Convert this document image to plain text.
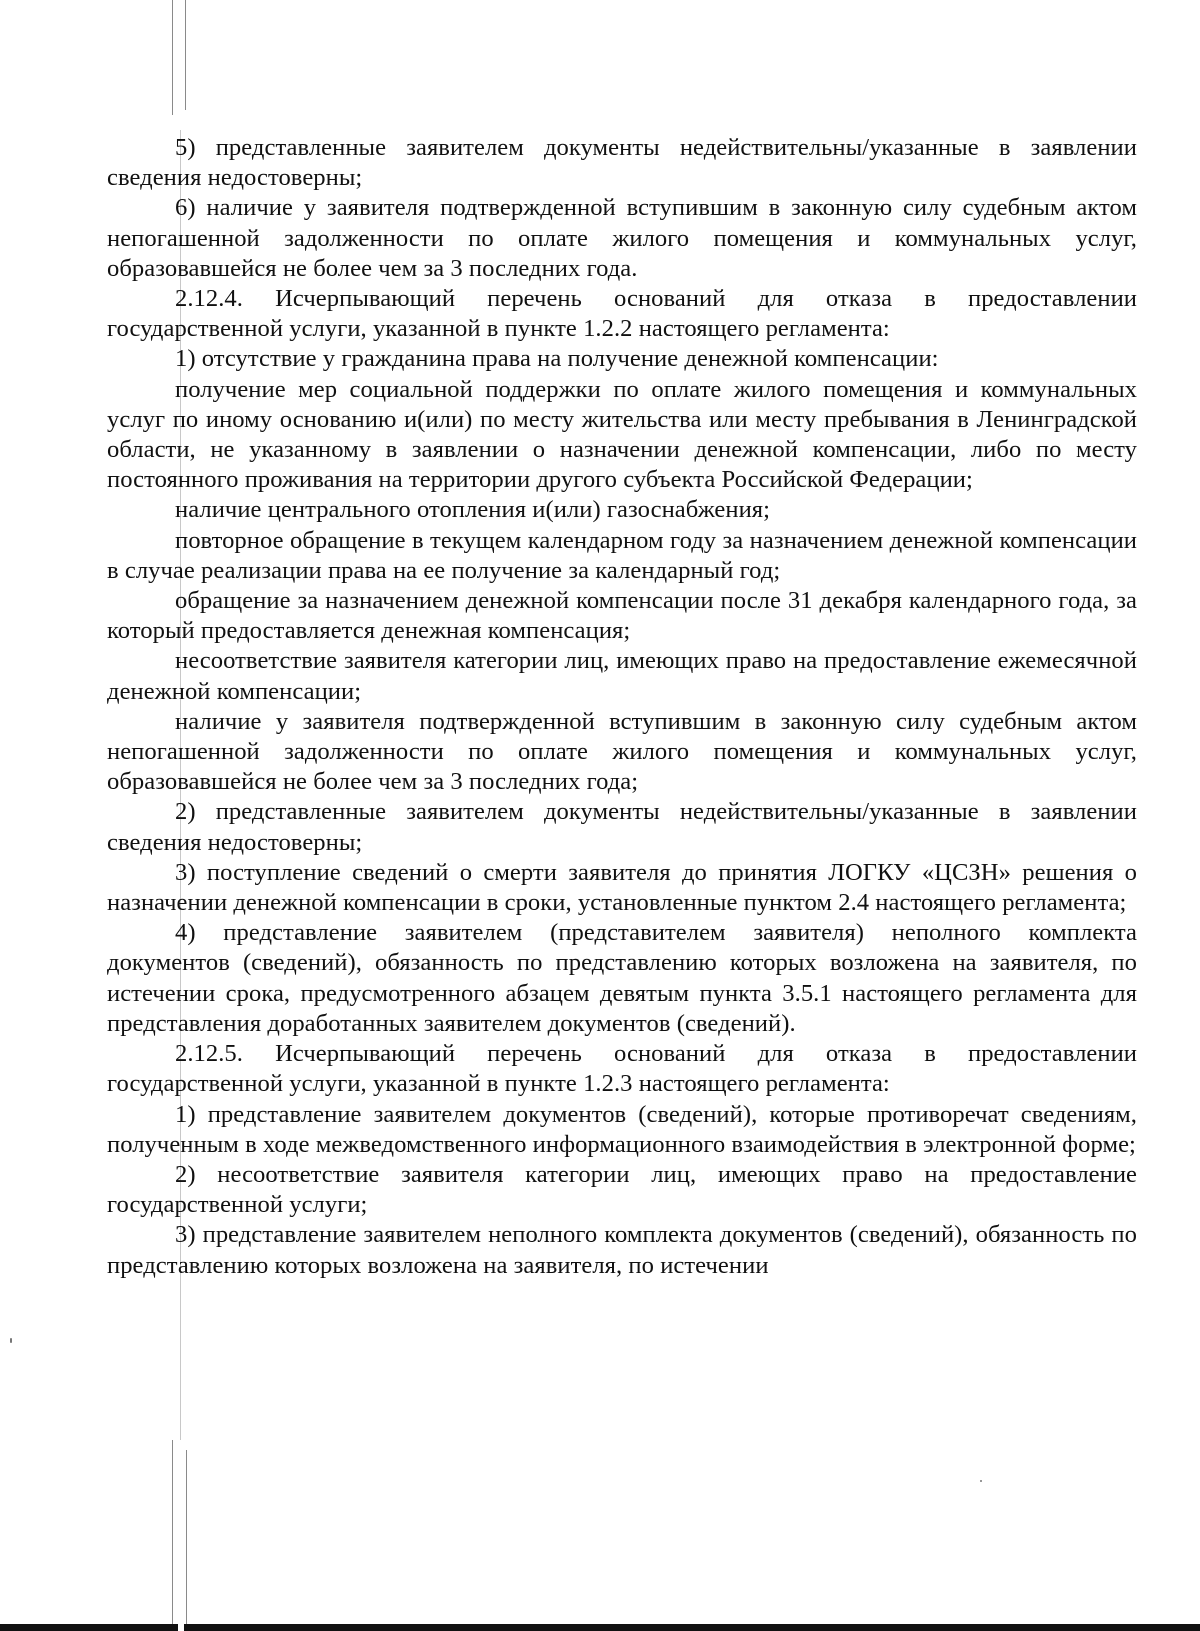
5) представленные заявителем документы недействительны/указанные в заявлении сведения недостоверны;

6) наличие у заявителя подтвержденной вступившим в законную силу судебным актом непогашенной задолженности по оплате жилого помещения и коммунальных услуг, образовавшейся не более чем за 3 последних года.

2.12.4. Исчерпывающий перечень оснований для отказа в предоставлении государственной услуги, указанной в пункте 1.2.2 настоящего регламента:

1) отсутствие у гражданина права на получение денежной компенсации:

получение мер социальной поддержки по оплате жилого помещения и коммунальных услуг по иному основанию и(или) по месту жительства или месту пребывания в Ленинградской области, не указанному в заявлении о назначении денежной компенсации, либо по месту постоянного проживания на территории другого субъекта Российской Федерации;

наличие центрального отопления и(или) газоснабжения;

повторное обращение в текущем календарном году за назначением денежной компенсации в случае реализации права на ее получение за календарный год;

обращение за назначением денежной компенсации после 31 декабря календарного года, за который предоставляется денежная компенсация;

несоответствие заявителя категории лиц, имеющих право на предоставление ежемесячной денежной компенсации;

наличие у заявителя подтвержденной вступившим в законную силу судебным актом непогашенной задолженности по оплате жилого помещения и коммунальных услуг, образовавшейся не более чем за 3 последних года;

2) представленные заявителем документы недействительны/указанные в заявлении сведения недостоверны;

3) поступление сведений о смерти заявителя до принятия ЛОГКУ «ЦСЗН» решения о назначении денежной компенсации в сроки, установленные пунктом 2.4 настоящего регламента;

4) представление заявителем (представителем заявителя) неполного комплекта документов (сведений), обязанность по представлению которых возложена на заявителя, по истечении срока, предусмотренного абзацем девятым пункта 3.5.1 настоящего регламента для представления доработанных заявителем документов (сведений).

2.12.5. Исчерпывающий перечень оснований для отказа в предоставлении государственной услуги, указанной в пункте 1.2.3 настоящего регламента:

1) представление заявителем документов (сведений), которые противоречат сведениям, полученным в ходе межведомственного информационного взаимодействия в электронной форме;

2) несоответствие заявителя категории лиц, имеющих право на предоставление государственной услуги;

3) представление заявителем неполного комплекта документов (сведений), обязанность по представлению которых возложена на заявителя, по истечении
